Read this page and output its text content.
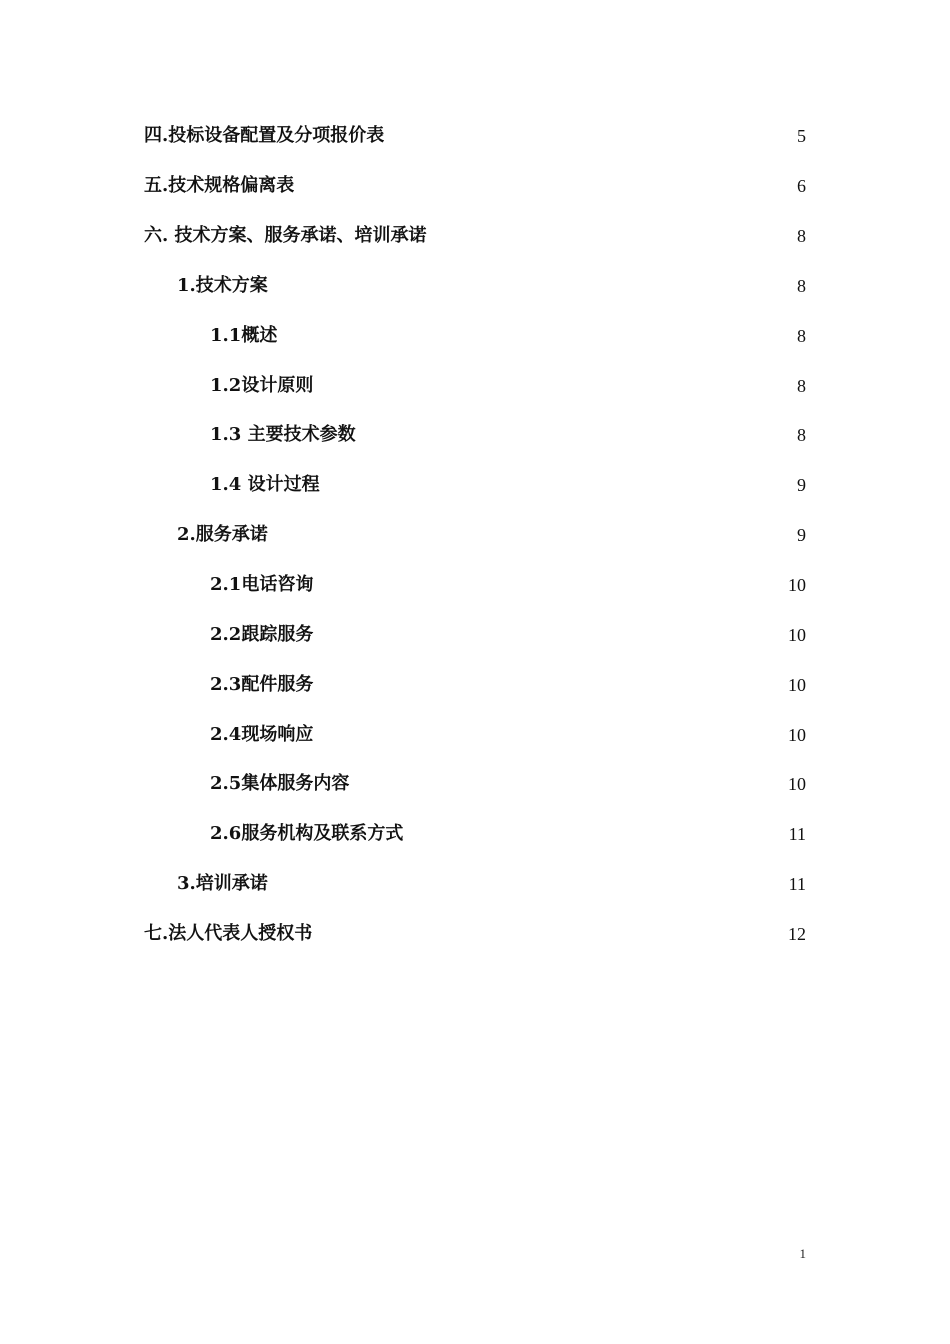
四.投标设备配置及分项报价表	5
五.技术规格偏离表	6
六. 技术方案、服务承诺、培训承诺	8
1.技术方案	8
1.1概述	8
1.2设计原则	8
1.3 主要技术参数	8
1.4 设计过程	9
2.服务承诺	9
2.1电话咨询	10
2.2跟踪服务	10
2.3配件服务	10
2.4现场响应	10
2.5集体服务内容	10
2.6服务机构及联系方式	11
3.培训承诺	11
七.法人代表人授权书	12
1
